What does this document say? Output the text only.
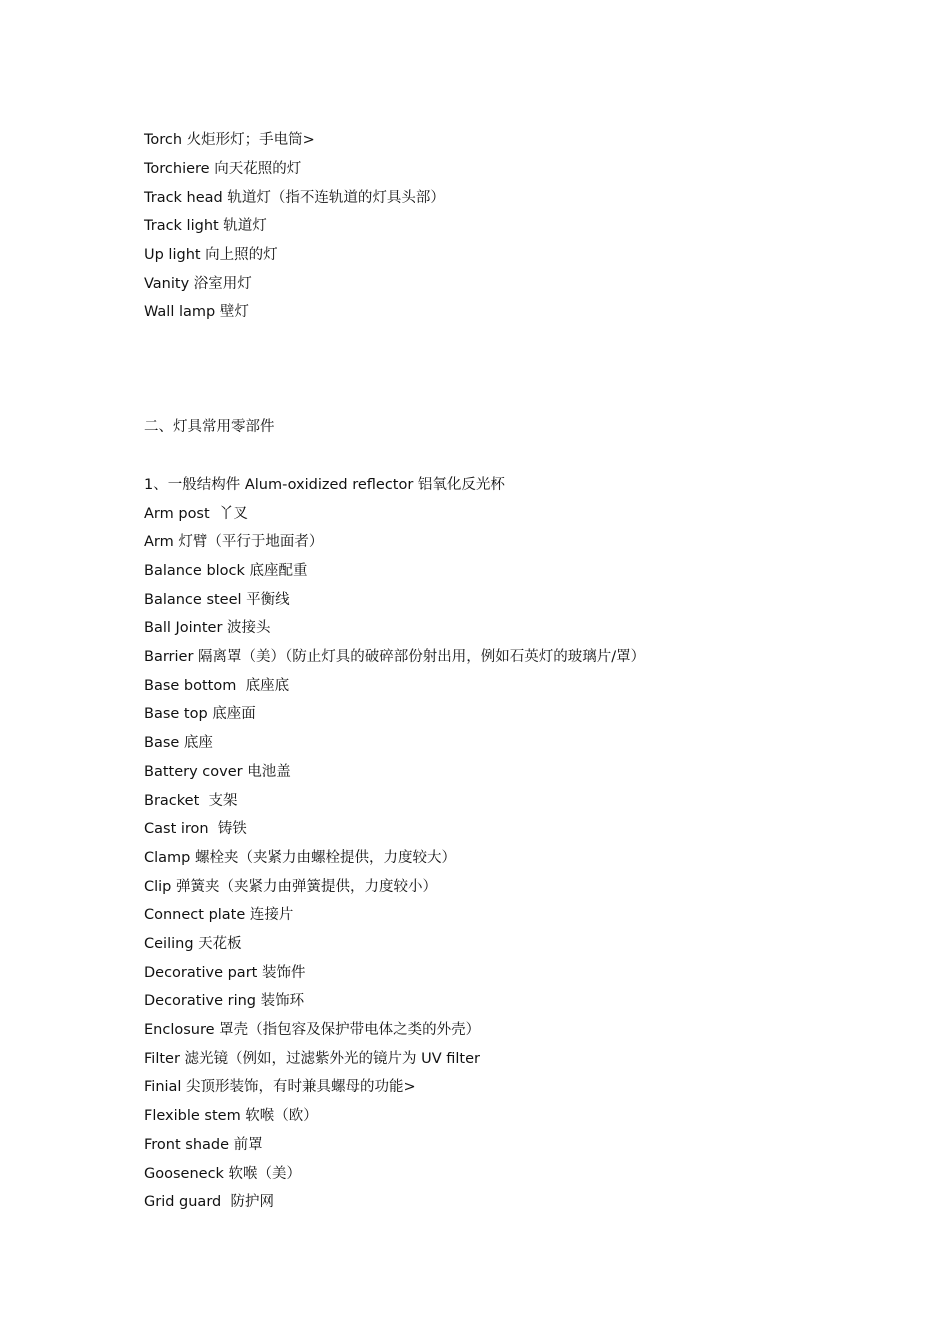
Torch 火炬形灯；手电筒>
Torchiere 向天花照的灯
Track head 轨道灯（指不连轨道的灯具头部）
Track light 轨道灯
Up light 向上照的灯
Vanity 浴室用灯
Wall lamp 壁灯
二、灯具常用零部件
1、一般结构件 Alum-oxidized reflector 铝氧化反光杯
Arm post  丫叉
Arm 灯臂（平行于地面者）
Balance block 底座配重
Balance steel 平衡线
Ball Jointer 波接头
Barrier 隔离罩（美）（防止灯具的破碎部份射出用，例如石英灯的玻璃片/罩）
Base bottom  底座底
Base top 底座面
Base 底座
Battery cover 电池盖
Bracket  支架
Cast iron  铸铁
Clamp 螺栓夹（夹紧力由螺栓提供，力度较大）
Clip 弹簧夹（夹紧力由弹簧提供，力度较小）
Connect plate 连接片
Ceiling 天花板
Decorative part 装饰件
Decorative ring 装饰环
Enclosure 罩壳（指包容及保护带电体之类的外壳）
Filter 滤光镜（例如，过滤紫外光的镜片为 UV filter
Finial 尖顶形装饰，有时兼具螺母的功能>
Flexible stem 软喉（欧）
Front shade 前罩
Gooseneck 软喉（美）
Grid guard  防护网
